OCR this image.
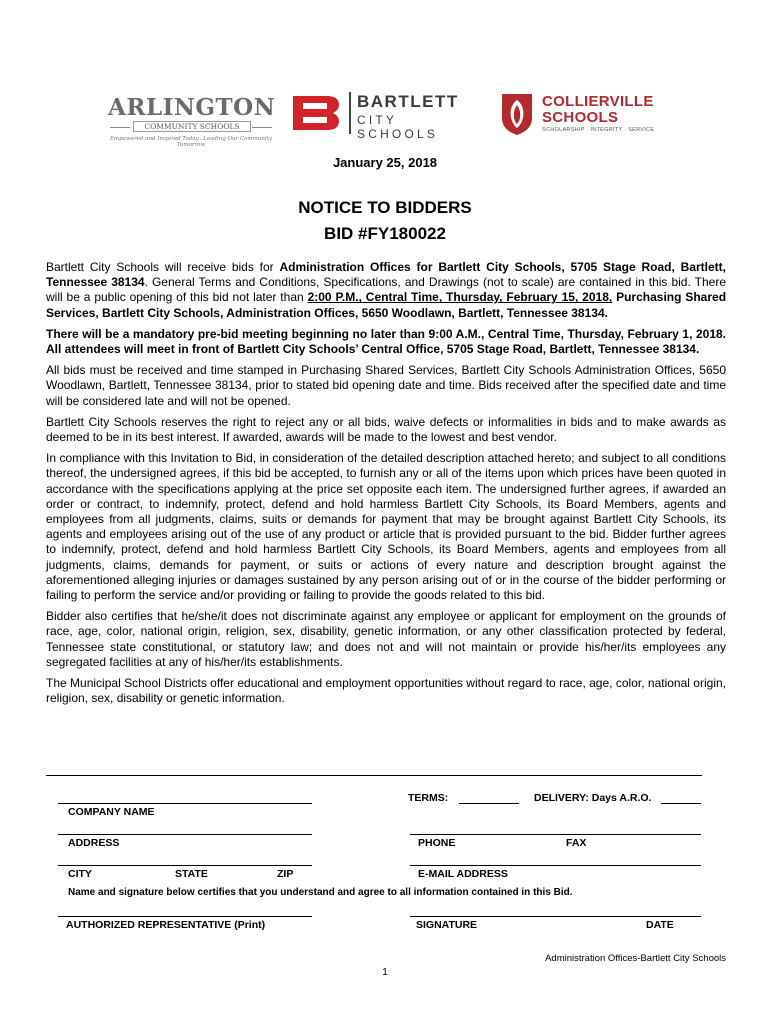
ARLINGTON
COMMUNITY SCHOOLS
Empowered and Inspired Today...Leading Our Community Tomorrow
BARTLETT
CITY SCHOOLS
COLLIERVILLE
SCHOOLS
SCHOLARSHIP · INTEGRITY · SERVICE
January 25, 2018
NOTICE TO BIDDERS
BID #FY180022

Bartlett City Schools will receive bids for Administration Offices for Bartlett City Schools, 5705 Stage Road, Bartlett, Tennessee 38134. General Terms and Conditions, Specifications, and Drawings (not to scale) are contained in this bid. There will be a public opening of this bid not later than 2:00 P.M., Central Time, Thursday, February 15, 2018, Purchasing Shared Services, Bartlett City Schools, Administration Offices, 5650 Woodlawn, Bartlett, Tennessee 38134.

There will be a mandatory pre-bid meeting beginning no later than 9:00 A.M., Central Time, Thursday, February 1, 2018. All attendees will meet in front of Bartlett City Schools’ Central Office, 5705 Stage Road, Bartlett, Tennessee 38134.

All bids must be received and time stamped in Purchasing Shared Services, Bartlett City Schools Administration Offices, 5650 Woodlawn, Bartlett, Tennessee 38134, prior to stated bid opening date and time. Bids received after the specified date and time will be considered late and will not be opened.

Bartlett City Schools reserves the right to reject any or all bids, waive defects or informalities in bids and to make awards as deemed to be in its best interest. If awarded, awards will be made to the lowest and best vendor.

In compliance with this Invitation to Bid, in consideration of the detailed description attached hereto; and subject to all conditions thereof, the undersigned agrees, if this bid be accepted, to furnish any or all of the items upon which prices have been quoted in accordance with the specifications applying at the price set opposite each item. The undersigned further agrees, if awarded an order or contract, to indemnify, protect, defend and hold harmless Bartlett City Schools, its Board Members, agents and employees from all judgments, claims, suits or demands for payment that may be brought against Bartlett City Schools, its agents and employees arising out of the use of any product or article that is provided pursuant to the bid. Bidder further agrees to indemnify, protect, defend and hold harmless Bartlett City Schools, its Board Members, agents and employees from all judgments, claims, demands for payment, or suits or actions of every nature and description brought against the aforementioned alleging injuries or damages sustained by any person arising out of or in the course of the bidder performing or failing to perform the service and/or providing or failing to provide the goods related to this bid.

Bidder also certifies that he/she/it does not discriminate against any employee or applicant for employment on the grounds of race, age, color, national origin, religion, sex, disability, genetic information, or any other classification protected by federal, Tennessee state constitutional, or statutory law; and does not and will not maintain or provide his/her/its employees any segregated facilities at any of his/her/its establishments.

The Municipal School Districts offer educational and employment opportunities without regard to race, age, color, national origin, religion, sex, disability or genetic information.

TERMS:	DELIVERY: Days A.R.O.
COMPANY NAME
ADDRESS	PHONE	FAX
CITY	STATE	ZIP	E-MAIL ADDRESS
Name and signature below certifies that you understand and agree to all information contained in this Bid.
AUTHORIZED REPRESENTATIVE (Print)	SIGNATURE	DATE
Administration Offices-Bartlett City Schools
1
